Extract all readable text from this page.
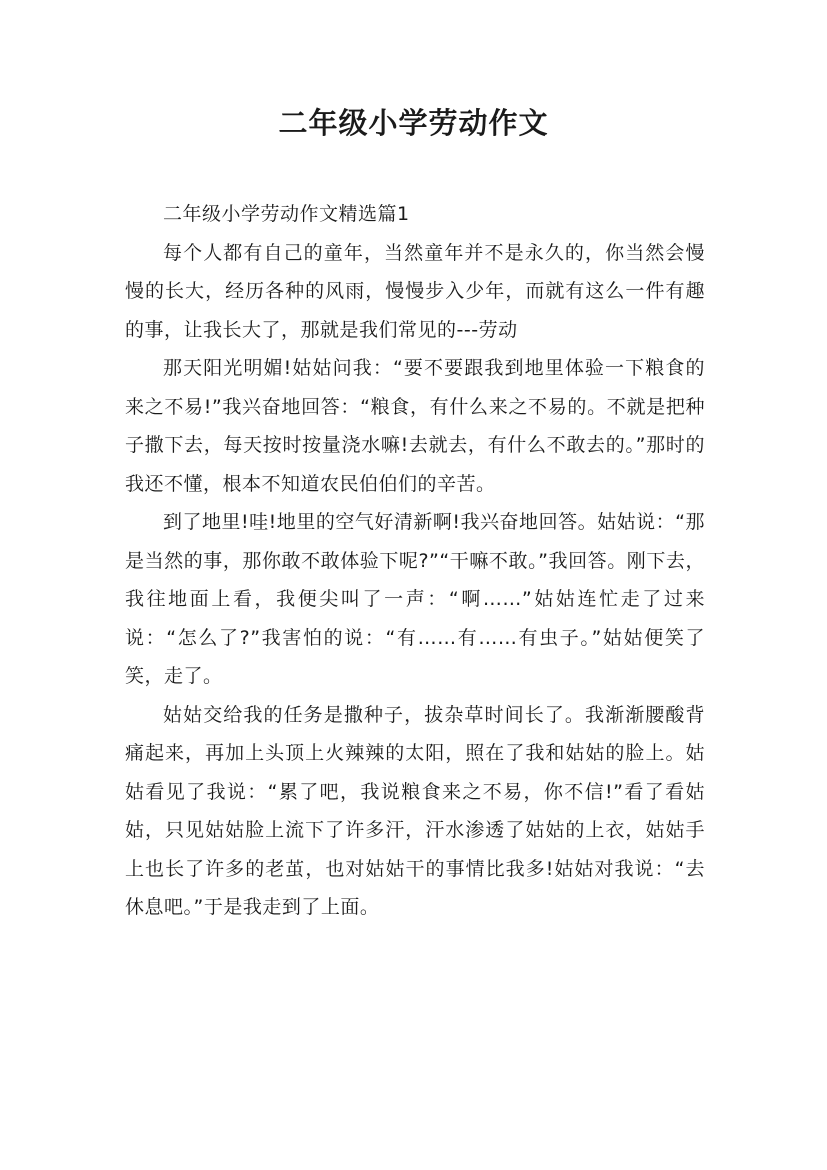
二年级小学劳动作文

二年级小学劳动作文精选篇1

每个人都有自己的童年，当然童年并不是永久的，你当然会慢慢的长大，经历各种的风雨，慢慢步入少年，而就有这么一件有趣的事，让我长大了，那就是我们常见的---劳动

那天阳光明媚!姑姑问我：“要不要跟我到地里体验一下粮食的来之不易!”我兴奋地回答：“粮食，有什么来之不易的。不就是把种子撒下去，每天按时按量浇水嘛!去就去，有什么不敢去的。”那时的我还不懂，根本不知道农民伯伯们的辛苦。

到了地里!哇!地里的空气好清新啊!我兴奋地回答。姑姑说：“那是当然的事，那你敢不敢体验下呢?”“干嘛不敢。”我回答。刚下去，我往地面上看，我便尖叫了一声：“啊……”姑姑连忙走了过来说：“怎么了?”我害怕的说：“有……有……有虫子。”姑姑便笑了笑，走了。

姑姑交给我的任务是撒种子，拔杂草时间长了。我渐渐腰酸背痛起来，再加上头顶上火辣辣的太阳，照在了我和姑姑的脸上。姑姑看见了我说：“累了吧，我说粮食来之不易，你不信!”看了看姑姑，只见姑姑脸上流下了许多汗，汗水渗透了姑姑的上衣，姑姑手上也长了许多的老茧，也对姑姑干的事情比我多!姑姑对我说：“去休息吧。”于是我走到了上面。
